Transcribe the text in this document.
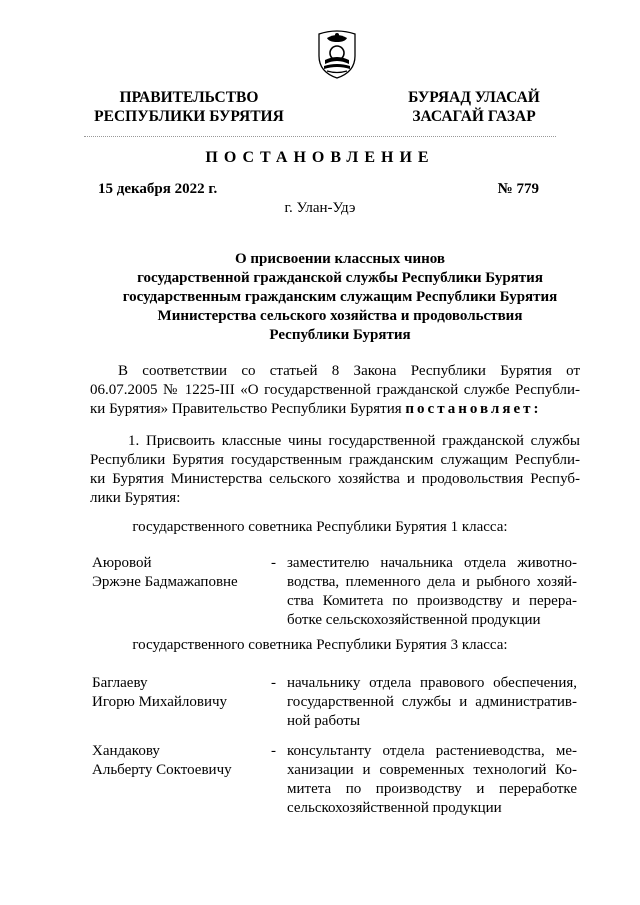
ПРАВИТЕЛЬСТВО
РЕСПУБЛИКИ БУРЯТИЯ
БУРЯАД УЛАСАЙ
ЗАСАГАЙ ГАЗАР
ПОСТАНОВЛЕНИЕ
15 декабря 2022 г.	№ 779
г. Улан-Удэ
О присвоении классных чинов
государственной гражданской службы Республики Бурятия
государственным гражданским служащим Республики Бурятия
Министерства сельского хозяйства и продовольствия
Республики Бурятия
В соответствии со статьей 8 Закона Республики Бурятия от
06.07.2005 № 1225-III «О государственной гражданской службе Республи-
ки Бурятия» Правительство Республики Бурятия постановляет:
1. Присвоить классные чины государственной гражданской службы
Республики Бурятия государственным гражданским служащим Республи-
ки Бурятия Министерства сельского хозяйства и продовольствия Респуб-
лики Бурятия:
государственного советника Республики Бурятия 1 класса:
Аюровой
Эржэне Бадмажаповне
- заместителю начальника отдела животно-
водства, племенного дела и рыбного хозяй-
ства Комитета по производству и перера-
ботке сельскохозяйственной продукции
государственного советника Республики Бурятия 3 класса:
Баглаеву
Игорю Михайловичу
- начальнику отдела правового обеспечения,
государственной службы и административ-
ной работы
Хандакову
Альберту Соктоевичу
- консультанту отдела растениеводства, ме-
ханизации и современных технологий Ко-
митета по производству и переработке
сельскохозяйственной продукции
